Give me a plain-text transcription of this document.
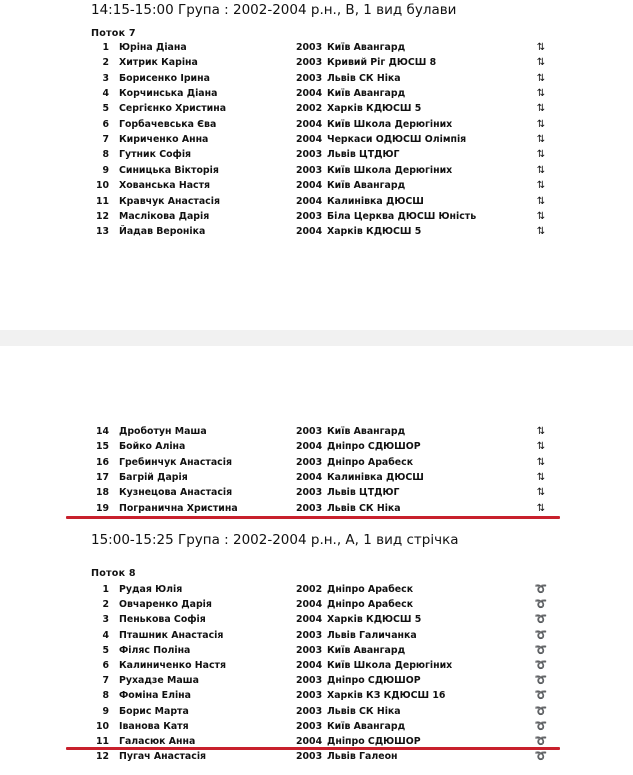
14:15-15:00 Група : 2002-2004 р.н., В, 1 вид булави
Поток 7
1 Юріна Діана	2003 Київ Авангард	⇅
2 Хитрик Каріна	2003 Кривий Ріг ДЮСШ 8	⇅
3 Борисенко Ірина	2003 Львів СК Ніка	⇅
4 Корчинська Діана	2004 Київ Авангард	⇅
5 Сергієнко Христина	2002 Харків КДЮСШ 5	⇅
6 Горбачевська Єва	2004 Київ Школа Дерюгіних	⇅
7 Кириченко Анна	2004 Черкаси ОДЮСШ Олімпія	⇅
8 Гутник Софія	2003 Львів ЦТДЮГ	⇅
9 Синицька Вікторія	2003 Київ Школа Дерюгіних	⇅
10 Хованська Настя	2004 Київ Авангард	⇅
11 Кравчук Анастасія	2004 Калинівка ДЮСШ	⇅
12 Маслікова Дарія	2003 Біла Церква ДЮСШ Юність	⇅
13 Йадав Вероніка	2004 Харків КДЮСШ 5	⇅
14 Дроботун Маша	2003 Київ Авангард	⇅
15 Бойко Аліна	2004 Дніпро СДЮШОР	⇅
16 Гребинчук Анастасія	2003 Дніпро Арабеск	⇅
17 Багрій Дарія	2004 Калинівка ДЮСШ	⇅
18 Кузнецова Анастасія	2003 Львів ЦТДЮГ	⇅
19 Погранична Христина	2003 Львів СК Ніка	⇅
15:00-15:25 Група : 2002-2004 р.н., А, 1 вид стрічка
Поток 8
1 Рудая Юлія	2002 Дніпро Арабеск	➰
2 Овчаренко Дарія	2004 Дніпро Арабеск	➰
3 Пенькова Софія	2004 Харків КДЮСШ 5	➰
4 Пташник Анастасія	2003 Львів Галичанка	➰
5 Філяс Поліна	2003 Київ Авангард	➰
6 Калиниченко Настя	2004 Київ Школа Дерюгіних	➰
7 Рухадзе Маша	2003 Дніпро СДЮШОР	➰
8 Фоміна Еліна	2003 Харків КЗ КДЮСШ 16	➰
9 Борис Марта	2003 Львів СК Ніка	➰
10 Іванова Катя	2003 Київ Авангард	➰
11 Галасюк Анна	2004 Дніпро СДЮШОР	➰
12 Пугач Анастасія	2003 Львів Галеон	➰
